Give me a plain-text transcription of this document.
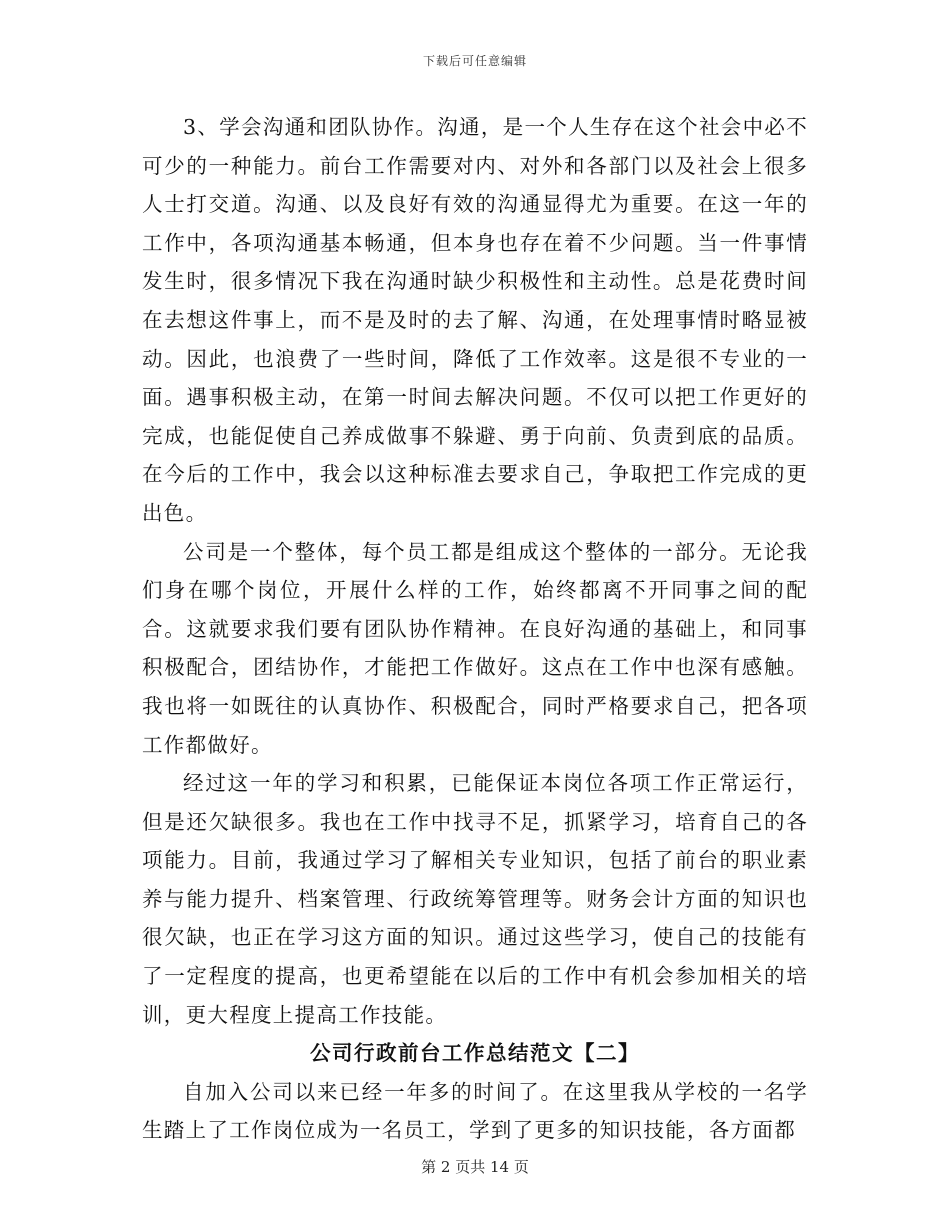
下载后可任意编辑

3、学会沟通和团队协作。沟通，是一个人生存在这个社会中必不可少的一种能力。前台工作需要对内、对外和各部门以及社会上很多人士打交道。沟通、以及良好有效的沟通显得尤为重要。在这一年的工作中，各项沟通基本畅通，但本身也存在着不少问题。当一件事情发生时，很多情况下我在沟通时缺少积极性和主动性。总是花费时间在去想这件事上，而不是及时的去了解、沟通，在处理事情时略显被动。因此，也浪费了一些时间，降低了工作效率。这是很不专业的一面。遇事积极主动，在第一时间去解决问题。不仅可以把工作更好的完成，也能促使自己养成做事不躲避、勇于向前、负责到底的品质。在今后的工作中，我会以这种标准去要求自己，争取把工作完成的更出色。

公司是一个整体，每个员工都是组成这个整体的一部分。无论我们身在哪个岗位，开展什么样的工作，始终都离不开同事之间的配合。这就要求我们要有团队协作精神。在良好沟通的基础上，和同事积极配合，团结协作，才能把工作做好。这点在工作中也深有感触。我也将一如既往的认真协作、积极配合，同时严格要求自己，把各项工作都做好。

经过这一年的学习和积累，已能保证本岗位各项工作正常运行，但是还欠缺很多。我也在工作中找寻不足，抓紧学习，培育自己的各项能力。目前，我通过学习了解相关专业知识，包括了前台的职业素养与能力提升、档案管理、行政统筹管理等。财务会计方面的知识也很欠缺，也正在学习这方面的知识。通过这些学习，使自己的技能有了一定程度的提高，也更希望能在以后的工作中有机会参加相关的培训，更大程度上提高工作技能。

公司行政前台工作总结范文【二】

自加入公司以来已经一年多的时间了。在这里我从学校的一名学生踏上了工作岗位成为一名员工，学到了更多的知识技能，各方面都

第 2 页共 14 页
